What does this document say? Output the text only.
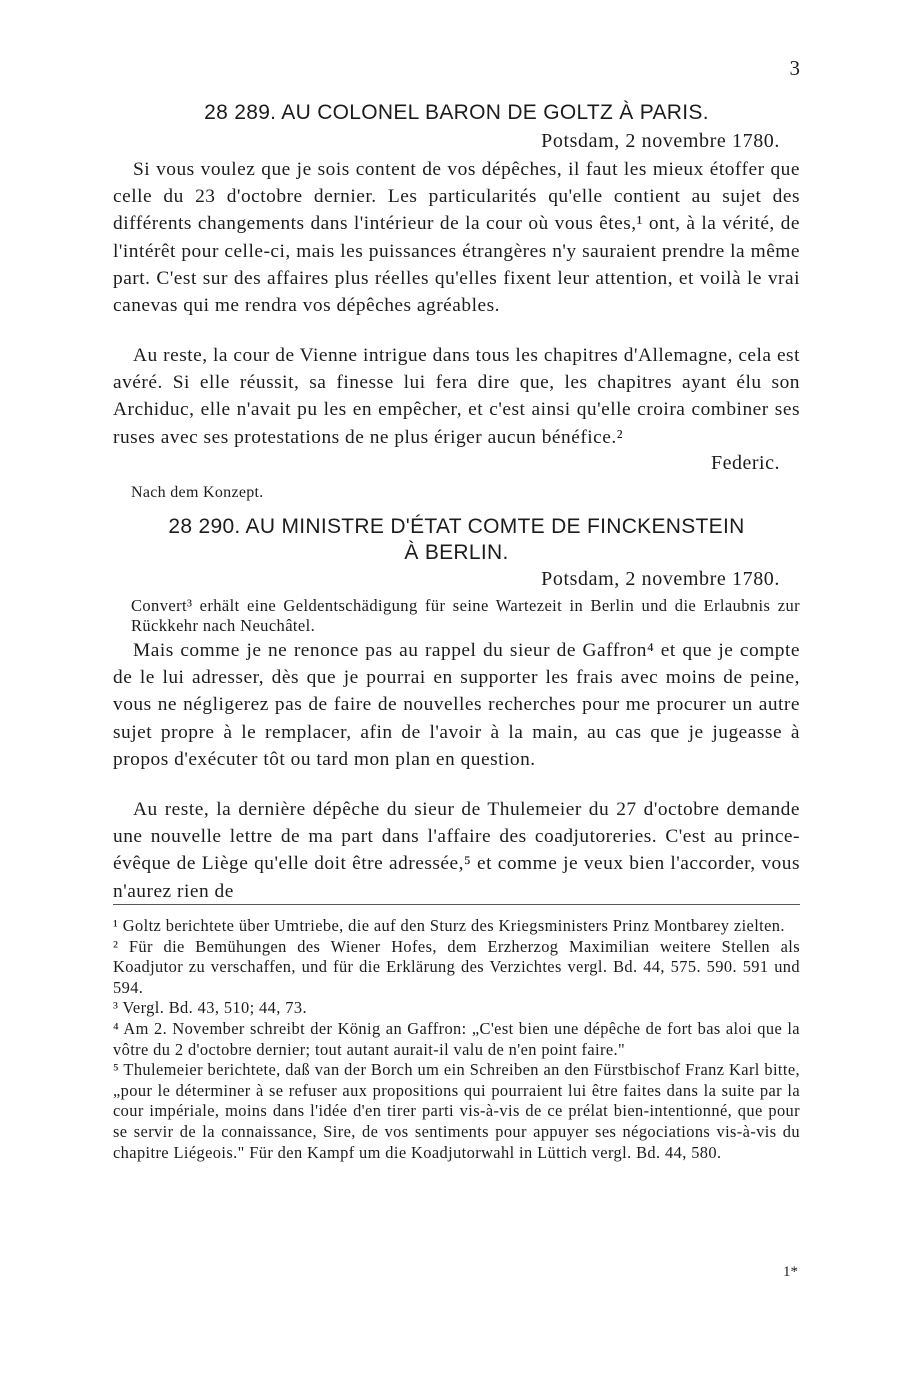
3
28 289. AU COLONEL BARON DE GOLTZ À PARIS.
Potsdam, 2 novembre 1780.

Si vous voulez que je sois content de vos dépêches, il faut les mieux étoffer que celle du 23 d'octobre dernier. Les particularités qu'elle contient au sujet des différents changements dans l'intérieur de la cour où vous êtes,¹ ont, à la vérité, de l'intérêt pour celle-ci, mais les puissances étrangères n'y sauraient prendre la même part. C'est sur des affaires plus réelles qu'elles fixent leur attention, et voilà le vrai canevas qui me rendra vos dépêches agréables.

Au reste, la cour de Vienne intrigue dans tous les chapitres d'Allemagne, cela est avéré. Si elle réussit, sa finesse lui fera dire que, les chapitres ayant élu son Archiduc, elle n'avait pu les en empêcher, et c'est ainsi qu'elle croira combiner ses ruses avec ses protestations de ne plus ériger aucun bénéfice.²

Federic.
Nach dem Konzept.
28 290. AU MINISTRE D'ÉTAT COMTE DE FINCKENSTEIN
À BERLIN.
Potsdam, 2 novembre 1780.

Convert³ erhält eine Geldentschädigung für seine Wartezeit in Berlin und die Erlaubnis zur Rückkehr nach Neuchâtel.

Mais comme je ne renonce pas au rappel du sieur de Gaffron⁴ et que je compte de le lui adresser, dès que je pourrai en supporter les frais avec moins de peine, vous ne négligerez pas de faire de nouvelles recherches pour me procurer un autre sujet propre à le remplacer, afin de l'avoir à la main, au cas que je jugeasse à propos d'exécuter tôt ou tard mon plan en question.

Au reste, la dernière dépêche du sieur de Thulemeier du 27 d'octobre demande une nouvelle lettre de ma part dans l'affaire des coadjutoreries. C'est au prince-évêque de Liège qu'elle doit être adressée,⁵ et comme je veux bien l'accorder, vous n'aurez rien de

¹ Goltz berichtete über Umtriebe, die auf den Sturz des Kriegsministers Prinz Montbarey zielten.

² Für die Bemühungen des Wiener Hofes, dem Erzherzog Maximilian weitere Stellen als Koadjutor zu verschaffen, und für die Erklärung des Verzichtes vergl. Bd. 44, 575. 590. 591 und 594.

³ Vergl. Bd. 43, 510; 44, 73.

⁴ Am 2. November schreibt der König an Gaffron: „C'est bien une dépêche de fort bas aloi que la vôtre du 2 d'octobre dernier; tout autant aurait-il valu de n'en point faire."

⁵ Thulemeier berichtete, daß van der Borch um ein Schreiben an den Fürstbischof Franz Karl bitte, „pour le déterminer à se refuser aux propositions qui pourraient lui être faites dans la suite par la cour impériale, moins dans l'idée d'en tirer parti vis-à-vis de ce prélat bien-intentionné, que pour se servir de la connaissance, Sire, de vos sentiments pour appuyer ses négociations vis-à-vis du chapitre Liégeois." Für den Kampf um die Koadjutorwahl in Lüttich vergl. Bd. 44, 580.

1*
